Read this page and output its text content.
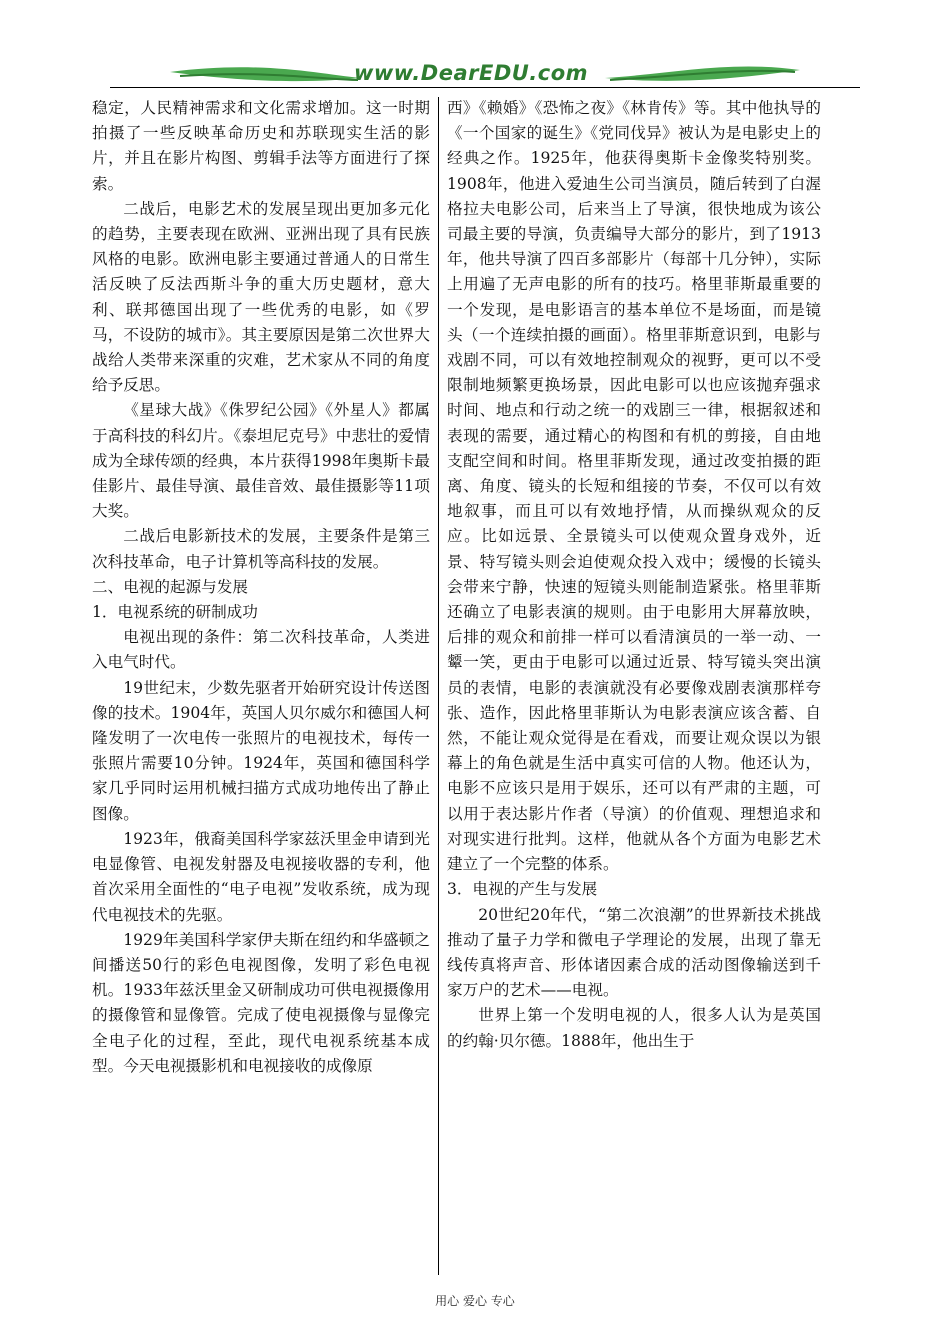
www.DearEDU.com

稳定，人民精神需求和文化需求增加。这一时期拍摄了一些反映革命历史和苏联现实生活的影片，并且在影片构图、剪辑手法等方面进行了探索。

二战后，电影艺术的发展呈现出更加多元化的趋势，主要表现在欧洲、亚洲出现了具有民族风格的电影。欧洲电影主要通过普通人的日常生活反映了反法西斯斗争的重大历史题材，意大利、联邦德国出现了一些优秀的电影，如《罗马，不设防的城市》。其主要原因是第二次世界大战给人类带来深重的灾难，艺术家从不同的角度给予反思。

《星球大战》《侏罗纪公园》《外星人》都属于高科技的科幻片。《泰坦尼克号》中悲壮的爱情成为全球传颂的经典，本片获得1998年奥斯卡最佳影片、最佳导演、最佳音效、最佳摄影等11项大奖。

二战后电影新技术的发展，主要条件是第三次科技革命，电子计算机等高科技的发展。

二、电视的起源与发展

1．电视系统的研制成功

电视出现的条件：第二次科技革命，人类进入电气时代。

19世纪末，少数先驱者开始研究设计传送图像的技术。1904年，英国人贝尔威尔和德国人柯隆发明了一次电传一张照片的电视技术，每传一张照片需要10分钟。1924年，英国和德国科学家几乎同时运用机械扫描方式成功地传出了静止图像。

1923年，俄裔美国科学家兹沃里金申请到光电显像管、电视发射器及电视接收器的专利，他首次采用全面性的“电子电视”发收系统，成为现代电视技术的先驱。

1929年美国科学家伊夫斯在纽约和华盛顿之间播送50行的彩色电视图像，发明了彩色电视机。1933年兹沃里金又研制成功可供电视摄像用的摄像管和显像管。完成了使电视摄像与显像完全电子化的过程，至此，现代电视系统基本成型。今天电视摄影机和电视接收的成像原

西》《赖婚》《恐怖之夜》《林肯传》等。其中他执导的《一个国家的诞生》《党同伐异》被认为是电影史上的经典之作。1925年，他获得奥斯卡金像奖特别奖。1908年，他进入爱迪生公司当演员，随后转到了白渥格拉夫电影公司，后来当上了导演，很快地成为该公司最主要的导演，负责编导大部分的影片，到了1913年，他共导演了四百多部影片（每部十几分钟），实际上用遍了无声电影的所有的技巧。格里菲斯最重要的一个发现，是电影语言的基本单位不是场面，而是镜头（一个连续拍摄的画面）。格里菲斯意识到，电影与戏剧不同，可以有效地控制观众的视野，更可以不受限制地频繁更换场景，因此电影可以也应该抛弃强求时间、地点和行动之统一的戏剧三一律，根据叙述和表现的需要，通过精心的构图和有机的剪接，自由地支配空间和时间。格里菲斯发现，通过改变拍摄的距离、角度、镜头的长短和组接的节奏，不仅可以有效地叙事，而且可以有效地抒情，从而操纵观众的反应。比如远景、全景镜头可以使观众置身戏外，近景、特写镜头则会迫使观众投入戏中；缓慢的长镜头会带来宁静，快速的短镜头则能制造紧张。格里菲斯还确立了电影表演的规则。由于电影用大屏幕放映，后排的观众和前排一样可以看清演员的一举一动、一颦一笑，更由于电影可以通过近景、特写镜头突出演员的表情，电影的表演就没有必要像戏剧表演那样夸张、造作，因此格里菲斯认为电影表演应该含蓄、自然，不能让观众觉得是在看戏，而要让观众误以为银幕上的角色就是生活中真实可信的人物。他还认为，电影不应该只是用于娱乐，还可以有严肃的主题，可以用于表达影片作者（导演）的价值观、理想追求和对现实进行批判。这样，他就从各个方面为电影艺术建立了一个完整的体系。

3．电视的产生与发展

20世纪20年代，“第二次浪潮”的世界新技术挑战推动了量子力学和微电子学理论的发展，出现了靠无线传真将声音、形体诸因素合成的活动图像输送到千家万户的艺术——电视。

世界上第一个发明电视的人，很多人认为是英国的约翰·贝尔德。1888年，他出生于

用心 爱心 专心
